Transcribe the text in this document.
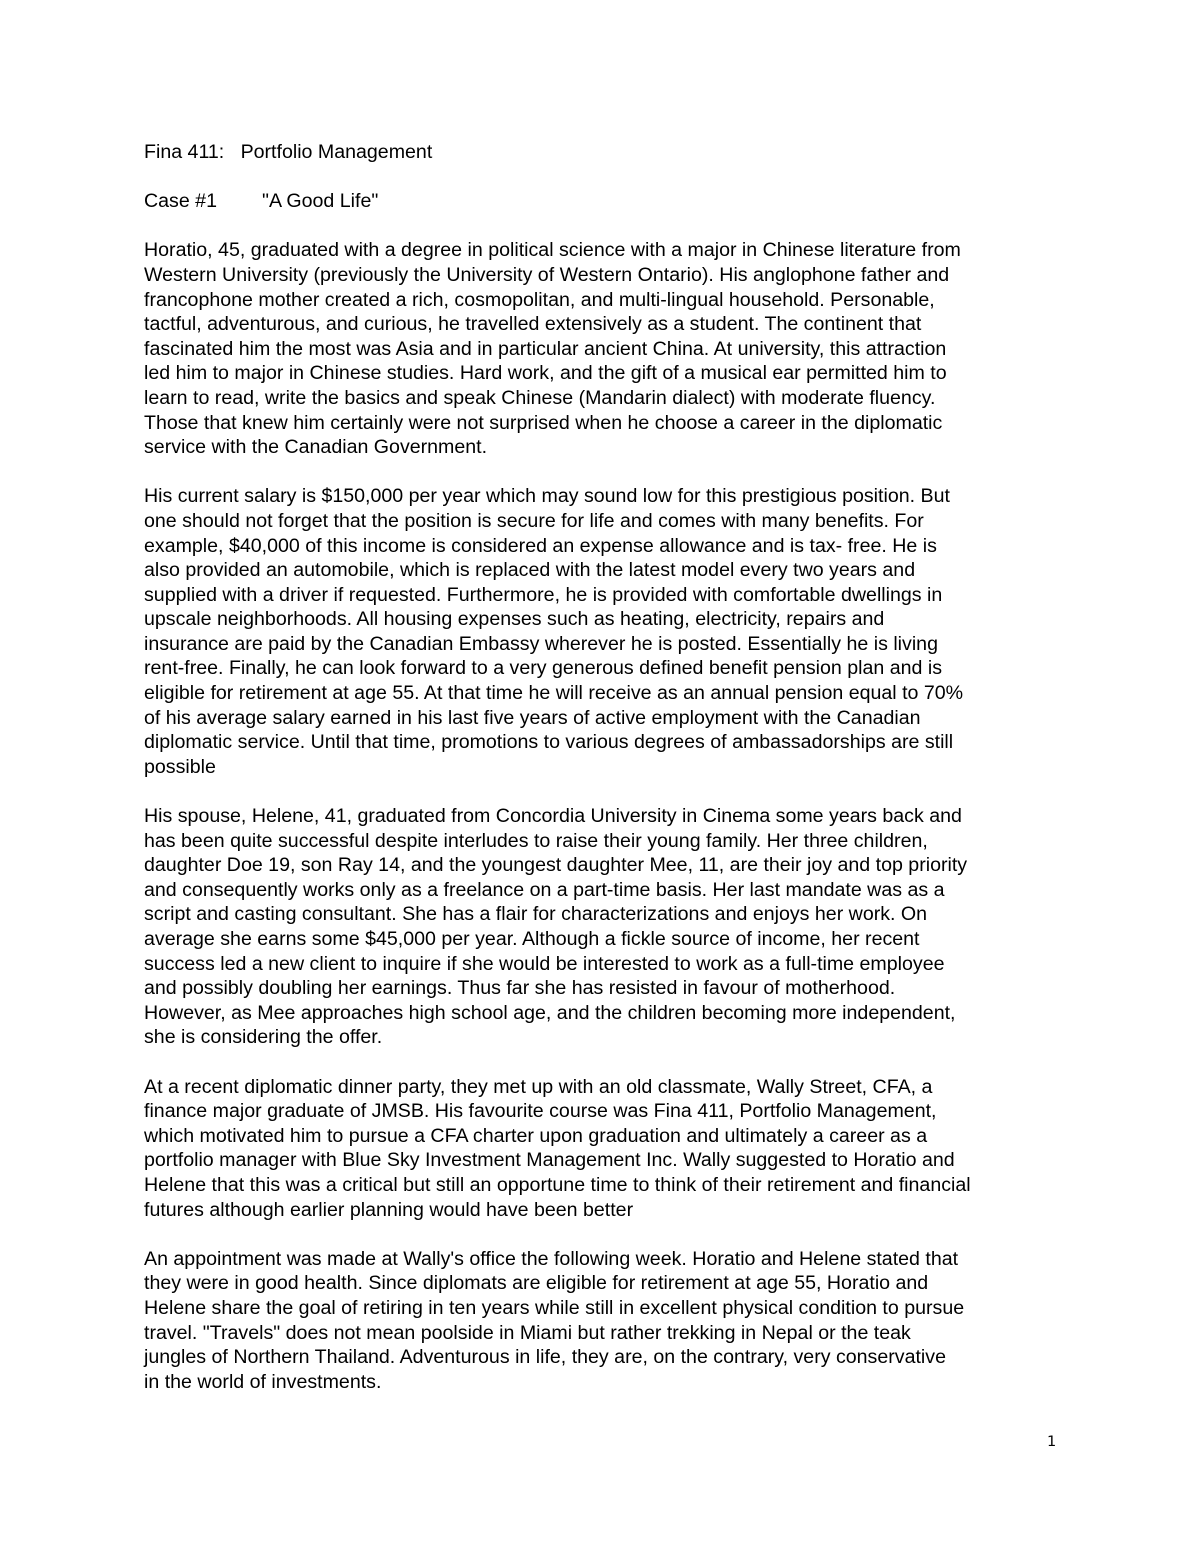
Fina 411:   Portfolio Management
Case #1 "A Good Life"
Horatio, 45, graduated with a degree in political science with a major in Chinese literature from
Western University (previously the University of Western Ontario). His anglophone father and
francophone mother created a rich, cosmopolitan, and multi-lingual household. Personable,
tactful, adventurous, and curious, he travelled extensively as a student. The continent that
fascinated him the most was Asia and in particular ancient China. At university, this attraction
led him to major in Chinese studies. Hard work, and the gift of a musical ear permitted him to
learn to read, write the basics and speak Chinese (Mandarin dialect) with moderate fluency.
Those that knew him certainly were not surprised when he choose a career in the diplomatic
service with the Canadian Government.
His current salary is $150,000 per year which may sound low for this prestigious position. But
one should not forget that the position is secure for life and comes with many benefits. For
example, $40,000 of this income is considered an expense allowance and is tax- free. He is
also provided an automobile, which is replaced with the latest model every two years and
supplied with a driver if requested. Furthermore, he is provided with comfortable dwellings in
upscale neighborhoods. All housing expenses such as heating, electricity, repairs and
insurance are paid by the Canadian Embassy wherever he is posted. Essentially he is living
rent-free. Finally, he can look forward to a very generous defined benefit pension plan and is
eligible for retirement at age 55. At that time he will receive as an annual pension equal to 70%
of his average salary earned in his last five years of active employment with the Canadian
diplomatic service. Until that time, promotions to various degrees of ambassadorships are still
possible
His spouse, Helene, 41, graduated from Concordia University in Cinema some years back and
has been quite successful despite interludes to raise their young family. Her three children,
daughter Doe 19, son Ray 14, and the youngest daughter Mee, 11, are their joy and top priority
and consequently works only as a freelance on a part-time basis. Her last mandate was as a
script and casting consultant. She has a flair for characterizations and enjoys her work. On
average she earns some $45,000 per year. Although a fickle source of income, her recent
success led a new client to inquire if she would be interested to work as a full-time employee
and possibly doubling her earnings. Thus far she has resisted in favour of motherhood.
However, as Mee approaches high school age, and the children becoming more independent,
she is considering the offer.
At a recent diplomatic dinner party, they met up with an old classmate, Wally Street, CFA, a
finance major graduate of JMSB. His favourite course was Fina 411, Portfolio Management,
which motivated him to pursue a CFA charter upon graduation and ultimately a career as a
portfolio manager with Blue Sky Investment Management Inc. Wally suggested to Horatio and
Helene that this was a critical but still an opportune time to think of their retirement and financial
futures although earlier planning would have been better
An appointment was made at Wally's office the following week. Horatio and Helene stated that
they were in good health. Since diplomats are eligible for retirement at age 55, Horatio and
Helene share the goal of retiring in ten years while still in excellent physical condition to pursue
travel. "Travels" does not mean poolside in Miami but rather trekking in Nepal or the teak
jungles of Northern Thailand. Adventurous in life, they are, on the contrary, very conservative
in the world of investments.
1
